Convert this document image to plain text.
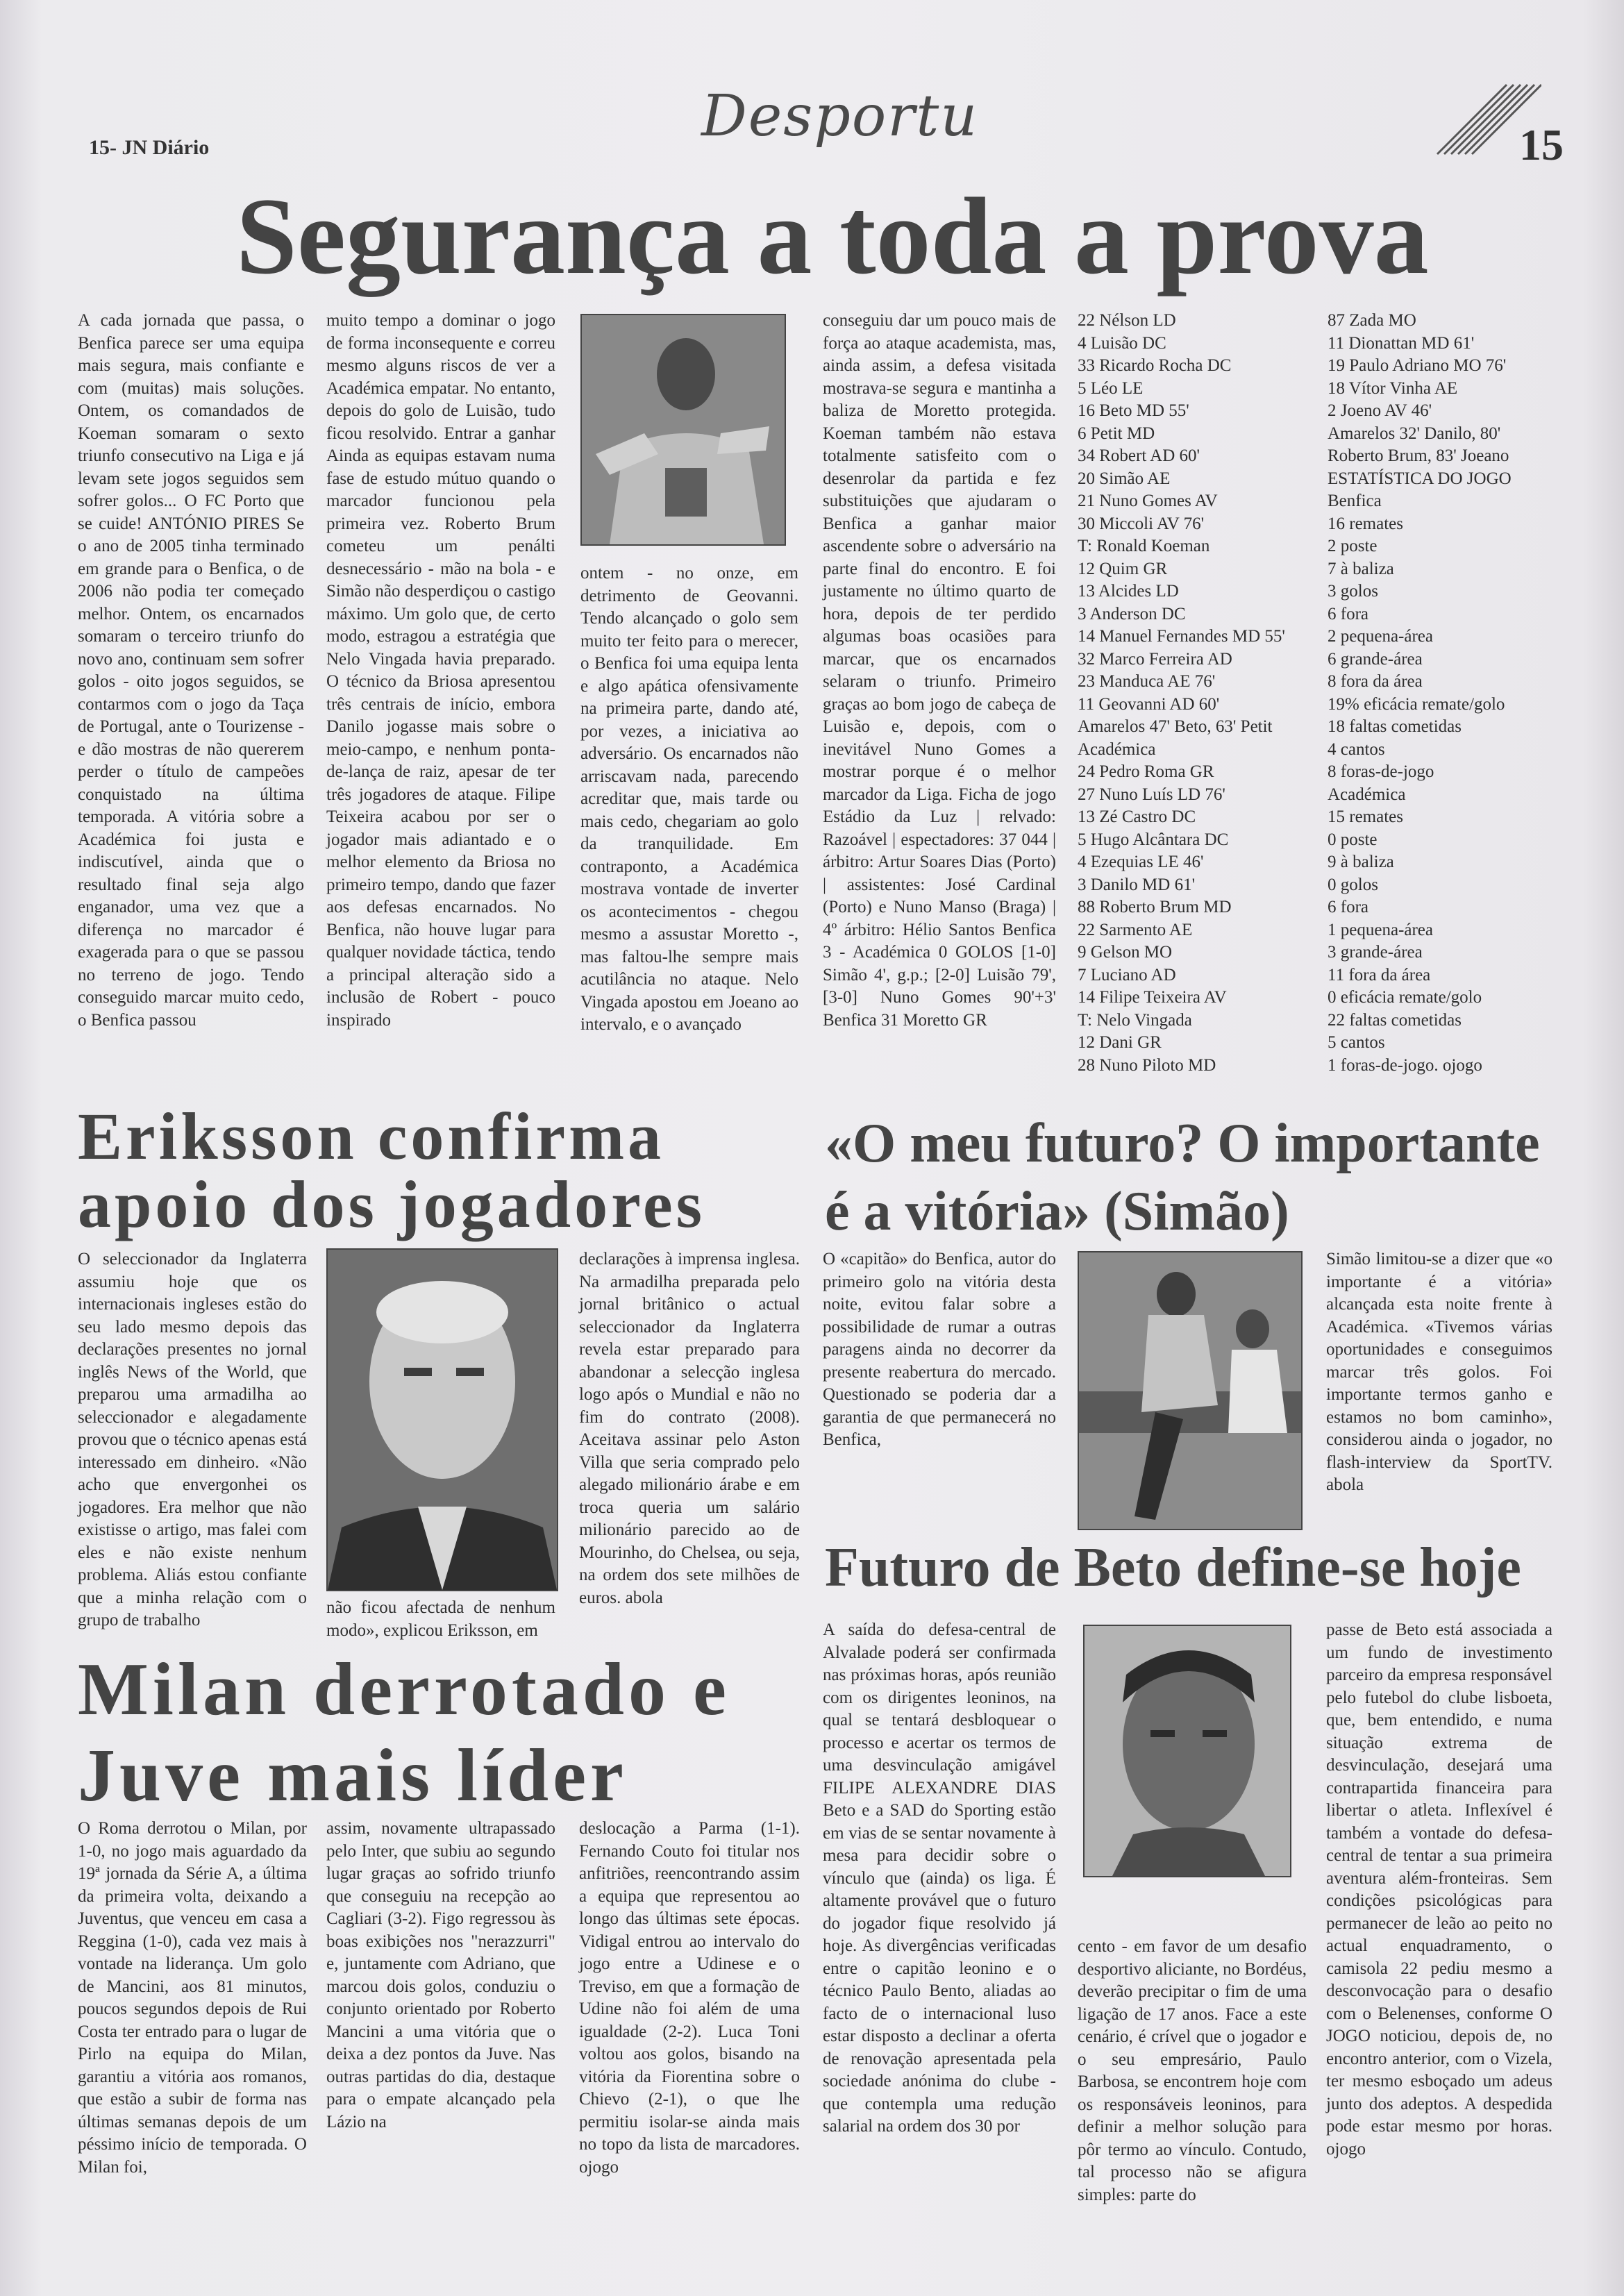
15- JN Diário	Desportu	15
Segurança a toda a prova
A cada jornada que passa, o Benfica parece ser uma equipa mais segura, mais confiante e com (muitas) mais soluções. Ontem, os comandados de Koeman somaram o sexto triunfo consecutivo na Liga e já levam sete jogos seguidos sem sofrer golos... O FC Porto que se cuide! ANTÓNIO PIRES Se o ano de 2005 tinha terminado em grande para o Benfica, o de 2006 não podia ter começado melhor. Ontem, os encarnados somaram o terceiro triunfo do novo ano, continuam sem sofrer golos - oito jogos seguidos, se contarmos com o jogo da Taça de Portugal, ante o Tourizense - e dão mostras de não quererem perder o título de campeões conquistado na última temporada. A vitória sobre a Académica foi justa e indiscutível, ainda que o resultado final seja algo enganador, uma vez que a diferença no marcador é exagerada para o que se passou no terreno de jogo. Tendo conseguido marcar muito cedo, o Benfica passou
muito tempo a dominar o jogo de forma inconsequente e correu mesmo alguns riscos de ver a Académica empatar. No entanto, depois do golo de Luisão, tudo ficou resolvido. Entrar a ganhar Ainda as equipas estavam numa fase de estudo mútuo quando o marcador funcionou pela primeira vez. Roberto Brum cometeu um penálti desnecessário - mão na bola - e Simão não desperdiçou o castigo máximo. Um golo que, de certo modo, estragou a estratégia que Nelo Vingada havia preparado. O técnico da Briosa apresentou três centrais de início, embora Danilo jogasse mais sobre o meio-campo, e nenhum ponta-de-lança de raiz, apesar de ter três jogadores de ataque. Filipe Teixeira acabou por ser o jogador mais adiantado e o melhor elemento da Briosa no primeiro tempo, dando que fazer aos defesas encarnados. No Benfica, não houve lugar para qualquer novidade táctica, tendo a principal alteração sido a inclusão de Robert - pouco inspirado
ontem - no onze, em detrimento de Geovanni. Tendo alcançado o golo sem muito ter feito para o merecer, o Benfica foi uma equipa lenta e algo apática ofensivamente na primeira parte, dando até, por vezes, a iniciativa ao adversário. Os encarnados não arriscavam nada, parecendo acreditar que, mais tarde ou mais cedo, chegariam ao golo da tranquilidade. Em contraponto, a Académica mostrava vontade de inverter os acontecimentos - chegou mesmo a assustar Moretto -, mas faltou-lhe sempre mais acutilância no ataque. Nelo Vingada apostou em Joeano ao intervalo, e o avançado
conseguiu dar um pouco mais de força ao ataque academista, mas, ainda assim, a defesa visitada mostrava-se segura e mantinha a baliza de Moretto protegida. Koeman também não estava totalmente satisfeito com o desenrolar da partida e fez substituições que ajudaram o Benfica a ganhar maior ascendente sobre o adversário na parte final do encontro. E foi justamente no último quarto de hora, depois de ter perdido algumas boas ocasiões para marcar, que os encarnados selaram o triunfo. Primeiro graças ao bom jogo de cabeça de Luisão e, depois, com o inevitável Nuno Gomes a mostrar porque é o melhor marcador da Liga. Ficha de jogo Estádio da Luz | relvado: Razoável | espectadores: 37 044 | árbitro: Artur Soares Dias (Porto) | assistentes: José Cardinal (Porto) e Nuno Manso (Braga) | 4º árbitro: Hélio Santos Benfica 3 - Académica 0 GOLOS [1-0] Simão 4', g.p.; [2-0] Luisão 79', [3-0] Nuno Gomes 90'+3' Benfica 31 Moretto GR
22 Nélson LD
4 Luisão DC
33 Ricardo Rocha DC
5 Léo LE
16 Beto MD 55'
6 Petit MD
34 Robert AD 60'
20 Simão AE
21 Nuno Gomes AV
30 Miccoli AV 76'
T: Ronald Koeman
12 Quim GR
13 Alcides LD
3 Anderson DC
14 Manuel Fernandes MD 55'
32 Marco Ferreira AD
23 Manduca AE 76'
11 Geovanni AD 60'
Amarelos 47' Beto, 63' Petit
Académica
24 Pedro Roma GR
27 Nuno Luís LD 76'
13 Zé Castro DC
5 Hugo Alcântara DC
4 Ezequias LE 46'
3 Danilo MD 61'
88 Roberto Brum MD
22 Sarmento AE
9 Gelson MO
7 Luciano AD
14 Filipe Teixeira AV
T: Nelo Vingada
12 Dani GR
28 Nuno Piloto MD
87 Zada MO
11 Dionattan MD 61'
19 Paulo Adriano MO 76'
18 Vítor Vinha AE
2 Joeno AV 46'
Amarelos 32' Danilo, 80'
Roberto Brum, 83' Joeano
ESTATÍSTICA DO JOGO
Benfica
16 remates
2 poste
7 à baliza
3 golos
6 fora
2 pequena-área
6 grande-área
8 fora da área
19% eficácia remate/golo
18 faltas cometidas
4 cantos
8 foras-de-jogo
Académica
15 remates
0 poste
9 à baliza
0 golos
6 fora
1 pequena-área
3 grande-área
11 fora da área
0 eficácia remate/golo
22 faltas cometidas
5 cantos
1 foras-de-jogo. ojogo
Eriksson confirma apoio dos jogadores
O seleccionador da Inglaterra assumiu hoje que os internacionais ingleses estão do seu lado mesmo depois das declarações presentes no jornal inglês News of the World, que preparou uma armadilha ao seleccionador e alegadamente provou que o técnico apenas está interessado em dinheiro. «Não acho que envergonhei os jogadores. Era melhor que não existisse o artigo, mas falei com eles e não existe nenhum problema. Aliás estou confiante que a minha relação com o grupo de trabalho
não ficou afectada de nenhum modo», explicou Eriksson, em
declarações à imprensa inglesa. Na armadilha preparada pelo jornal britânico o actual seleccionador da Inglaterra revela estar preparado para abandonar a selecção inglesa logo após o Mundial e não no fim do contrato (2008). Aceitava assinar pelo Aston Villa que seria comprado pelo alegado milionário árabe e em troca queria um salário milionário parecido ao de Mourinho, do Chelsea, ou seja, na ordem dos sete milhões de euros. abola
«O meu futuro? O importante é a vitória» (Simão)
O «capitão» do Benfica, autor do primeiro golo na vitória desta noite, evitou falar sobre a possibilidade de rumar a outras paragens ainda no decorrer da presente reabertura do mercado. Questionado se poderia dar a garantia de que permanecerá no Benfica,
Simão limitou-se a dizer que «o importante é a vitória» alcançada esta noite frente à Académica. «Tivemos várias oportunidades e conseguimos marcar três golos. Foi importante termos ganho e estamos no bom caminho», considerou ainda o jogador, no flash-interview da SportTV. abola
Futuro de Beto define-se hoje
A saída do defesa-central de Alvalade poderá ser confirmada nas próximas horas, após reunião com os dirigentes leoninos, na qual se tentará desbloquear o processo e acertar os termos de uma desvinculação amigável FILIPE ALEXANDRE DIAS Beto e a SAD do Sporting estão em vias de se sentar novamente à mesa para decidir sobre o vínculo que (ainda) os liga. É altamente provável que o futuro do jogador fique resolvido já hoje. As divergências verificadas entre o capitão leonino e o técnico Paulo Bento, aliadas ao facto de o internacional luso estar disposto a declinar a oferta de renovação apresentada pela sociedade anónima do clube - que contempla uma redução salarial na ordem dos 30 por
cento - em favor de um desafio desportivo aliciante, no Bordéus, deverão precipitar o fim de uma ligação de 17 anos. Face a este cenário, é crível que o jogador e o seu empresário, Paulo Barbosa, se encontrem hoje com os responsáveis leoninos, para definir a melhor solução para pôr termo ao vínculo. Contudo, tal processo não se afigura simples: parte do
passe de Beto está associada a um fundo de investimento parceiro da empresa responsável pelo futebol do clube lisboeta, que, bem entendido, e numa situação extrema de desvinculação, desejará uma contrapartida financeira para libertar o atleta. Inflexível é também a vontade do defesa-central de tentar a sua primeira aventura além-fronteiras. Sem condições psicológicas para permanecer de leão ao peito no actual enquadramento, o camisola 22 pediu mesmo a desconvocação para o desafio com o Belenenses, conforme O JOGO noticiou, depois de, no encontro anterior, com o Vizela, ter mesmo esboçado um adeus junto dos adeptos. A despedida pode estar mesmo por horas. ojogo
Milan derrotado e Juve mais líder
O Roma derrotou o Milan, por 1-0, no jogo mais aguardado da 19ª jornada da Série A, a última da primeira volta, deixando a Juventus, que venceu em casa a Reggina (1-0), cada vez mais à vontade na liderança. Um golo de Mancini, aos 81 minutos, poucos segundos depois de Rui Costa ter entrado para o lugar de Pirlo na equipa do Milan, garantiu a vitória aos romanos, que estão a subir de forma nas últimas semanas depois de um péssimo início de temporada. O Milan foi,
assim, novamente ultrapassado pelo Inter, que subiu ao segundo lugar graças ao sofrido triunfo que conseguiu na recepção ao Cagliari (3-2). Figo regressou às boas exibições nos "nerazzurri" e, juntamente com Adriano, que marcou dois golos, conduziu o conjunto orientado por Roberto Mancini a uma vitória que o deixa a dez pontos da Juve. Nas outras partidas do dia, destaque para o empate alcançado pela Lázio na
deslocação a Parma (1-1). Fernando Couto foi titular nos anfitriões, reencontrando assim a equipa que representou ao longo das últimas sete épocas. Vidigal entrou ao intervalo do jogo entre a Udinese e o Treviso, em que a formação de Udine não foi além de uma igualdade (2-2). Luca Toni voltou aos golos, bisando na vitória da Fiorentina sobre o Chievo (2-1), o que lhe permitiu isolar-se ainda mais no topo da lista de marcadores. ojogo
